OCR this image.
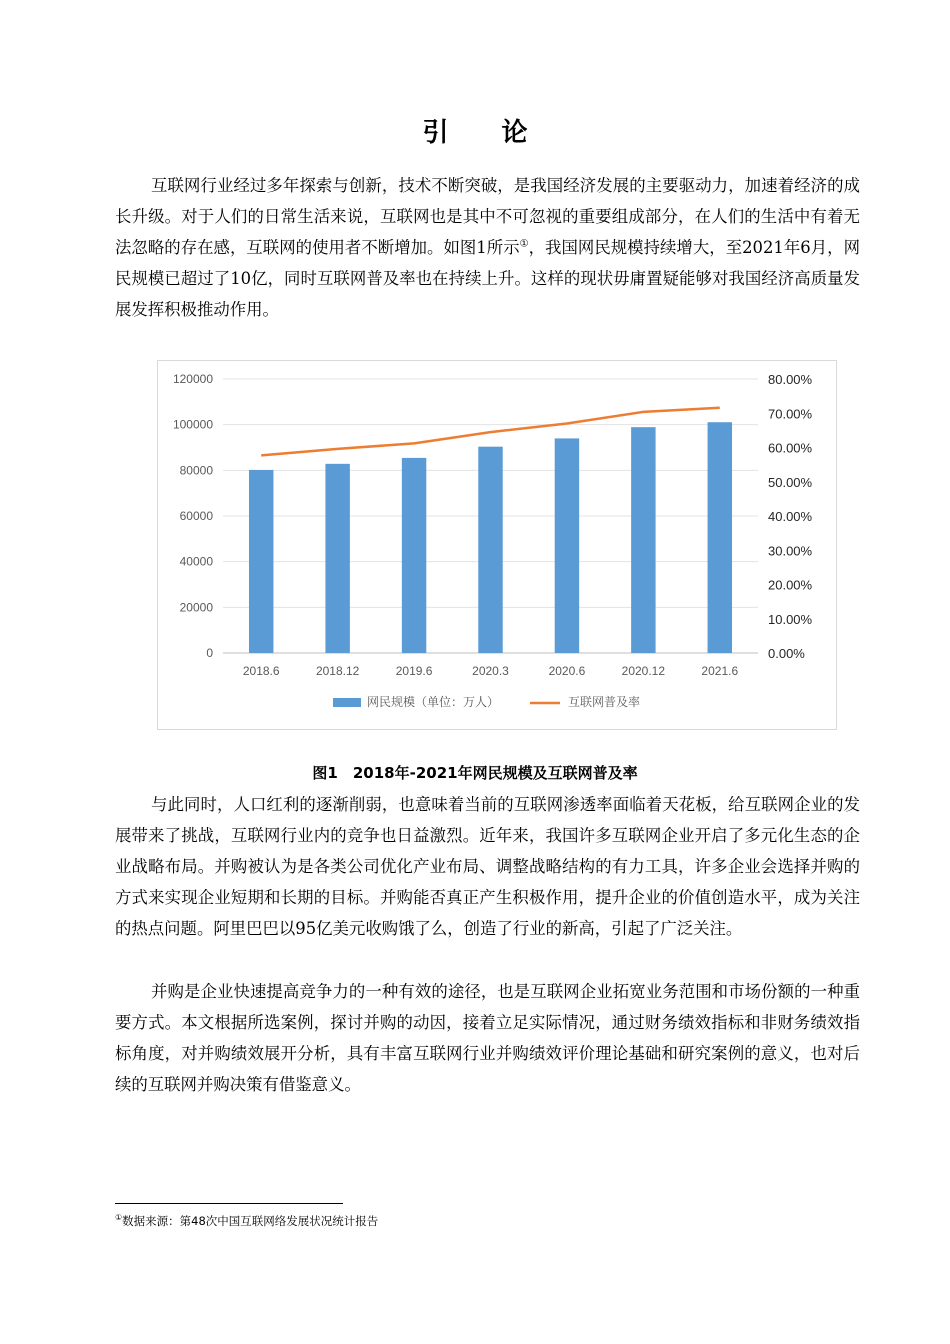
引 论

互联网行业经过多年探索与创新，技术不断突破，是我国经济发展的主要驱动力，加速着经济的成长升级。对于人们的日常生活来说，互联网也是其中不可忽视的重要组成部分，在人们的生活中有着无法忽略的存在感，互联网的使用者不断增加。如图1所示①，我国网民规模持续增大，至2021年6月，网民规模已超过了10亿，同时互联网普及率也在持续上升。这样的现状毋庸置疑能够对我国经济高质量发展发挥积极推动作用。

0
20000
40000
60000
80000
100000
120000
0.00%
10.00%
20.00%
30.00%
40.00%
50.00%
60.00%
70.00%
80.00%
2018.6	2018.12	2019.6	2020.3	2020.6	2020.12	2021.6
网民规模（单位：万人）	互联网普及率
图1　2018年-2021年网民规模及互联网普及率

与此同时，人口红利的逐渐削弱，也意味着当前的互联网渗透率面临着天花板，给互联网企业的发展带来了挑战，互联网行业内的竞争也日益激烈。近年来，我国许多互联网企业开启了多元化生态的企业战略布局。并购被认为是各类公司优化产业布局、调整战略结构的有力工具，许多企业会选择并购的方式来实现企业短期和长期的目标。并购能否真正产生积极作用，提升企业的价值创造水平，成为关注的热点问题。阿里巴巴以95亿美元收购饿了么，创造了行业的新高，引起了广泛关注。

并购是企业快速提高竞争力的一种有效的途径，也是互联网企业拓宽业务范围和市场份额的一种重要方式。本文根据所选案例，探讨并购的动因，接着立足实际情况，通过财务绩效指标和非财务绩效指标角度，对并购绩效展开分析，具有丰富互联网行业并购绩效评价理论基础和研究案例的意义，也对后续的互联网并购决策有借鉴意义。

①数据来源：第48次中国互联网络发展状况统计报告
